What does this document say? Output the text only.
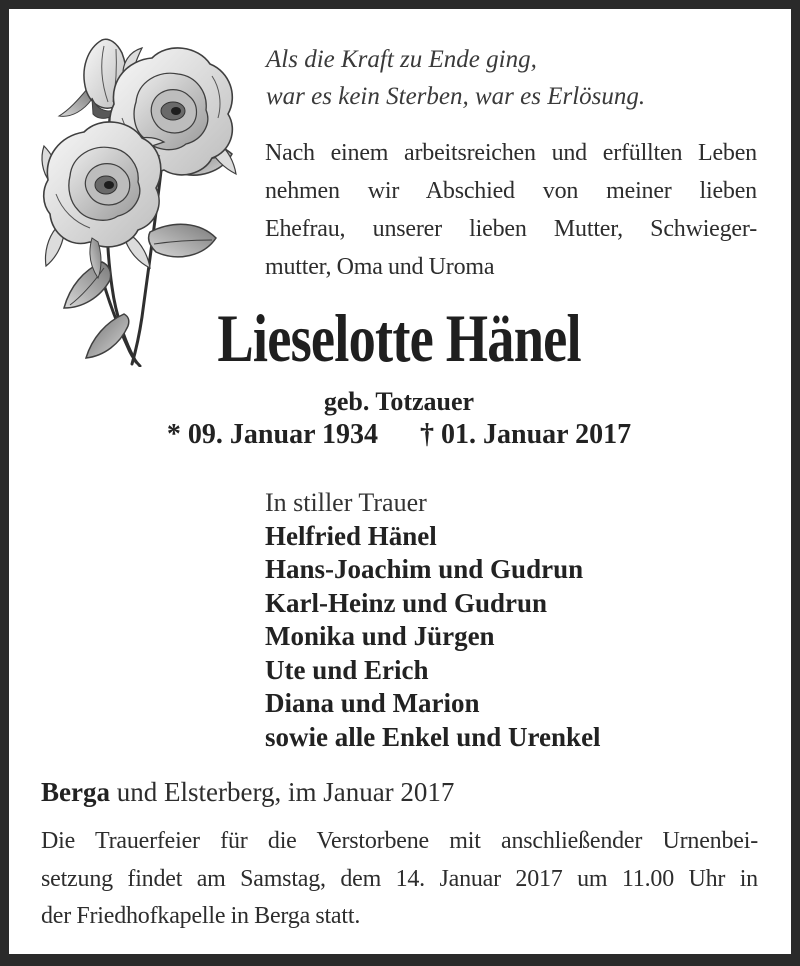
Als die Kraft zu Ende ging,
war es kein Sterben, war es Erlösung.
Nach einem arbeitsreichen und erfüllten Leben
nehmen wir Abschied von meiner lieben
Ehefrau, unserer lieben Mutter, Schwieger-
mutter, Oma und Uroma
Lieselotte Hänel
geb. Totzauer
* 09. Januar 1934 † 01. Januar 2017
In stiller Trauer
Helfried Hänel
Hans-Joachim und Gudrun
Karl-Heinz und Gudrun
Monika und Jürgen
Ute und Erich
Diana und Marion
sowie alle Enkel und Urenkel
Berga und Elsterberg, im Januar 2017
Die Trauerfeier für die Verstorbene mit anschließender Urnenbei-
setzung findet am Samstag, dem 14. Januar 2017 um 11.00 Uhr in
der Friedhofkapelle in Berga statt.
